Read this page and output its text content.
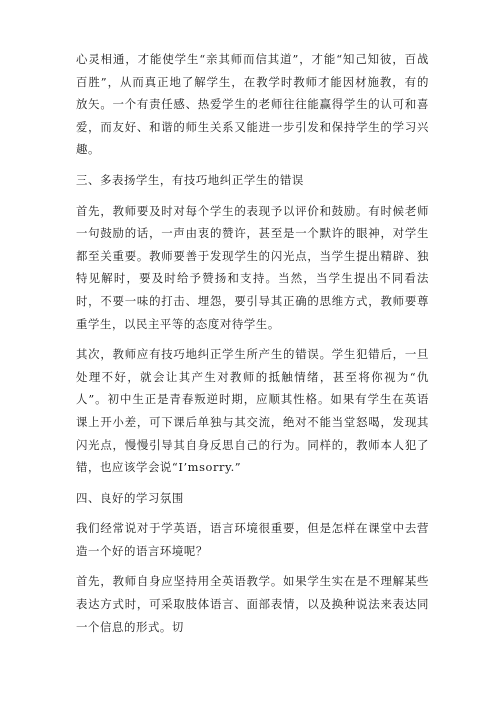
心灵相通，才能使学生“亲其师而信其道”，才能“知己知彼，百战百胜”，从而真正地了解学生，在教学时教师才能因材施教，有的放矢。一个有责任感、热爱学生的老师往往能赢得学生的认可和喜爱，而友好、和谐的师生关系又能进一步引发和保持学生的学习兴趣。

三、多表扬学生，有技巧地纠正学生的错误

首先，教师要及时对每个学生的表现予以评价和鼓励。有时候老师一句鼓励的话，一声由衷的赞许，甚至是一个默许的眼神，对学生都至关重要。教师要善于发现学生的闪光点，当学生提出精辟、独特见解时，要及时给予赞扬和支持。当然，当学生提出不同看法时，不要一味的打击、埋怨，要引导其正确的思维方式，教师要尊重学生，以民主平等的态度对待学生。

其次，教师应有技巧地纠正学生所产生的错误。学生犯错后，一旦处理不好，就会让其产生对教师的抵触情绪，甚至将你视为“仇人”。初中生正是青春叛逆时期，应顺其性格。如果有学生在英语课上开小差，可下课后单独与其交流，绝对不能当堂怒喝，发现其闪光点，慢慢引导其自身反思自己的行为。同样的，教师本人犯了错，也应该学会说“I’msorry.”

四、良好的学习氛围

我们经常说对于学英语，语言环境很重要，但是怎样在课堂中去营造一个好的语言环境呢？

首先，教师自身应坚持用全英语教学。如果学生实在是不理解某些表达方式时，可采取肢体语言、面部表情，以及换种说法来表达同一个信息的形式。切
